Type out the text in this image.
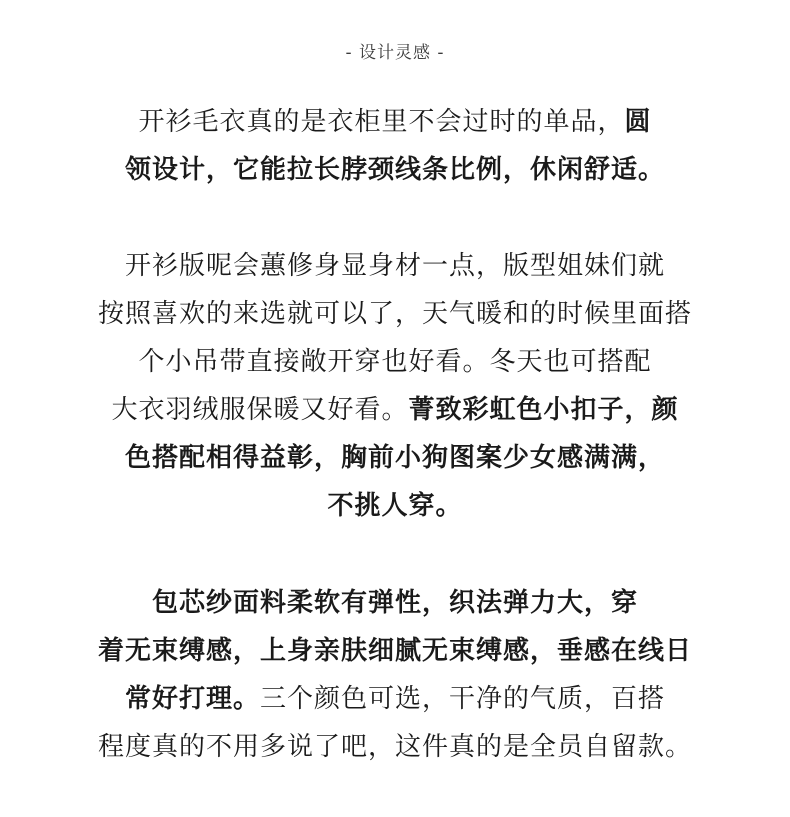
- 设计灵感 -
开衫毛衣真的是衣柜里不会过时的单品，圆
领设计，它能拉长脖颈线条比例，休闲舒适。
开衫版呢会蕙修身显身材一点，版型姐妹们就
按照喜欢的来选就可以了，天气暖和的时候里面搭
个小吊带直接敞开穿也好看。冬天也可搭配
大衣羽绒服保暖又好看。菁致彩虹色小扣子，颜
色搭配相得益彰，胸前小狗图案少女感满满，
不挑人穿。
包芯纱面料柔软有弹性，织法弹力大，穿
着无束缚感，上身亲肤细腻无束缚感，垂感在线日
常好打理。三个颜色可选，干净的气质，百搭
程度真的不用多说了吧，这件真的是全员自留款。
